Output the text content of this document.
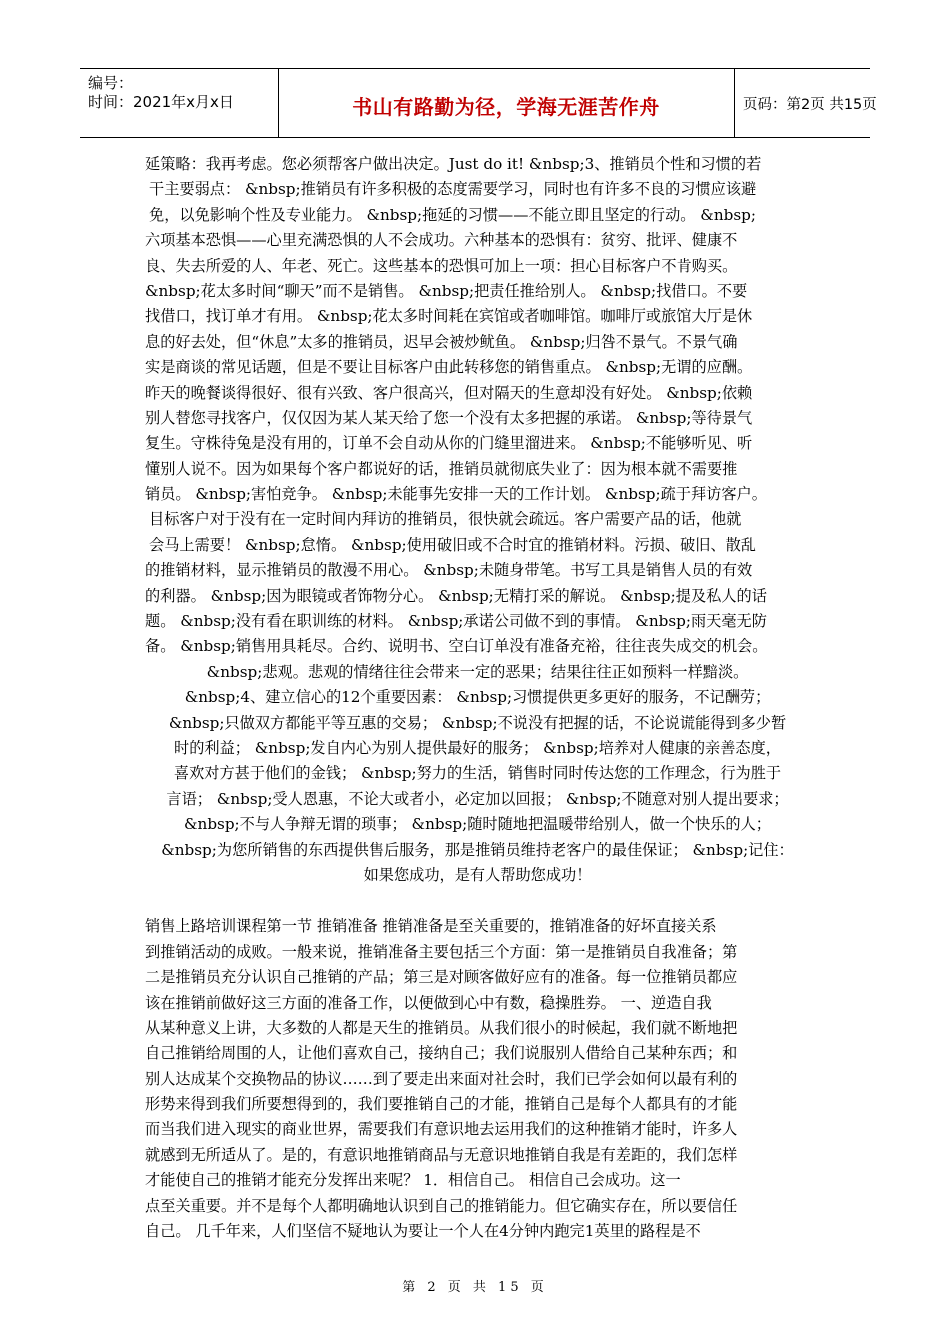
编号：
时间：2021年x月x日	书山有路勤为径，学海无涯苦作舟	页码：第2页 共15页
延策略：我再考虑。您必须帮客户做出决定。Just do it! &nbsp;3、推销员个性和习惯的若
干主要弱点： &nbsp;推销员有许多积极的态度需要学习，同时也有许多不良的习惯应该避
免，以免影响个性及专业能力。 &nbsp;拖延的习惯——不能立即且坚定的行动。 &nbsp;
六项基本恐惧——心里充满恐惧的人不会成功。六种基本的恐惧有：贫穷、批评、健康不
良、失去所爱的人、年老、死亡。这些基本的恐惧可加上一项：担心目标客户不肯购买。
&nbsp;花太多时间“聊天”而不是销售。 &nbsp;把责任推给别人。 &nbsp;找借口。不要
找借口，找订单才有用。 &nbsp;花太多时间耗在宾馆或者咖啡馆。咖啡厅或旅馆大厅是休
息的好去处，但“休息”太多的推销员，迟早会被炒鱿鱼。 &nbsp;归咎不景气。不景气确
实是商谈的常见话题，但是不要让目标客户由此转移您的销售重点。 &nbsp;无谓的应酬。
昨天的晚餐谈得很好、很有兴致、客户很高兴，但对隔天的生意却没有好处。 &nbsp;依赖
别人替您寻找客户，仅仅因为某人某天给了您一个没有太多把握的承诺。 &nbsp;等待景气
复生。守株待兔是没有用的，订单不会自动从你的门缝里溜进来。 &nbsp;不能够听见、听
懂别人说不。因为如果每个客户都说好的话，推销员就彻底失业了：因为根本就不需要推
销员。 &nbsp;害怕竞争。 &nbsp;未能事先安排一天的工作计划。 &nbsp;疏于拜访客户。
目标客户对于没有在一定时间内拜访的推销员，很快就会疏远。客户需要产品的话，他就
会马上需要！ &nbsp;怠惰。 &nbsp;使用破旧或不合时宜的推销材料。污损、破旧、散乱
的推销材料，显示推销员的散漫不用心。 &nbsp;未随身带笔。书写工具是销售人员的有效
的利器。 &nbsp;因为眼镜或者饰物分心。 &nbsp;无精打采的解说。 &nbsp;提及私人的话
题。 &nbsp;没有看在职训练的材料。 &nbsp;承诺公司做不到的事情。 &nbsp;雨天毫无防
备。 &nbsp;销售用具耗尽。合约、说明书、空白订单没有准备充裕，往往丧失成交的机会。
&nbsp;悲观。悲观的情绪往往会带来一定的恶果；结果往往正如预料一样黯淡。
&nbsp;4、建立信心的12个重要因素： &nbsp;习惯提供更多更好的服务，不记酬劳；
&nbsp;只做双方都能平等互惠的交易； &nbsp;不说没有把握的话，不论说谎能得到多少暂
时的利益； &nbsp;发自内心为别人提供最好的服务； &nbsp;培养对人健康的亲善态度，
喜欢对方甚于他们的金钱； &nbsp;努力的生活，销售时同时传达您的工作理念，行为胜于
言语； &nbsp;受人恩惠，不论大或者小，必定加以回报； &nbsp;不随意对别人提出要求；
&nbsp;不与人争辩无谓的琐事； &nbsp;随时随地把温暖带给别人，做一个快乐的人；
&nbsp;为您所销售的东西提供售后服务，那是推销员维持老客户的最佳保证； &nbsp;记住：
如果您成功，是有人帮助您成功！
销售上路培训课程第一节 推销准备 推销准备是至关重要的，推销准备的好坏直接关系
到推销活动的成败。一般来说，推销准备主要包括三个方面：第一是推销员自我准备；第
二是推销员充分认识自己推销的产品；第三是对顾客做好应有的准备。每一位推销员都应
该在推销前做好这三方面的准备工作，以便做到心中有数，稳操胜券。 一、逆造自我
从某种意义上讲，大多数的人都是天生的推销员。从我们很小的时候起，我们就不断地把
自己推销给周围的人，让他们喜欢自己，接纳自己；我们说服别人借给自己某种东西；和
别人达成某个交换物品的协议……到了要走出来面对社会时，我们已学会如何以最有利的
形势来得到我们所要想得到的，我们要推销自己的才能，推销自己是每个人都具有的才能
而当我们进入现实的商业世界，需要我们有意识地去运用我们的这种推销才能时，许多人
就感到无所适从了。是的，有意识地推销商品与无意识地推销自我是有差距的，我们怎样
才能使自己的推销才能充分发挥出来呢？ 1．相信自己。 相信自己会成功。这一
点至关重要。并不是每个人都明确地认识到自己的推销能力。但它确实存在，所以要信任
自己。 几千年来，人们坚信不疑地认为要让一个人在4分钟内跑完1英里的路程是不
第 2 页 共 15 页
